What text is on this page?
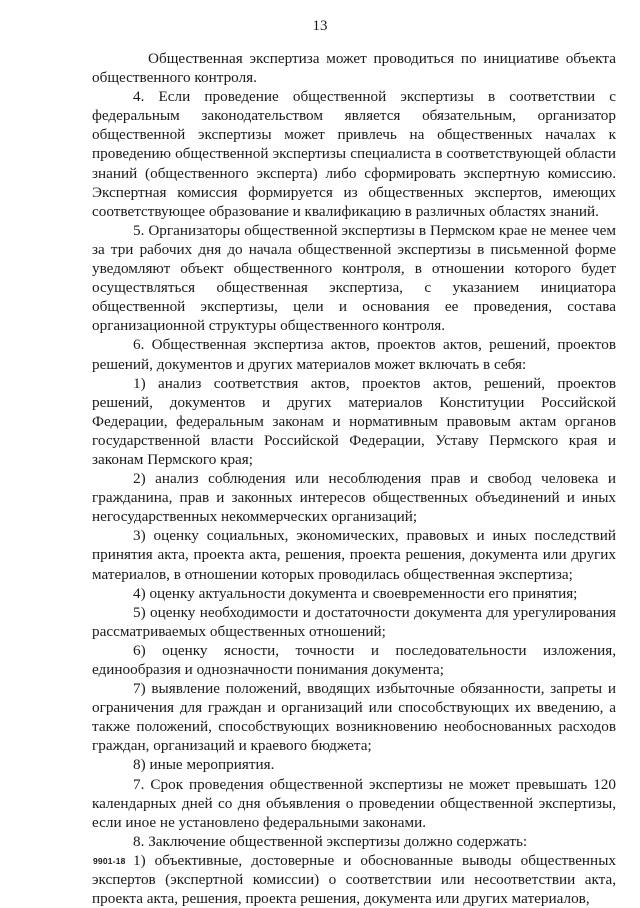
13

Общественная экспертиза может проводиться по инициативе объекта общественного контроля.

4. Если проведение общественной экспертизы в соответствии с федеральным законодательством является обязательным, организатор общественной экспертизы может привлечь на общественных началах к проведению общественной экспертизы специалиста в соответствующей области знаний (общественного эксперта) либо сформировать экспертную комиссию. Экспертная комиссия формируется из общественных экспертов, имеющих соответствующее образование и квалификацию в различных областях знаний.

5. Организаторы общественной экспертизы в Пермском крае не менее чем за три рабочих дня до начала общественной экспертизы в письменной форме уведомляют объект общественного контроля, в отношении которого будет осуществляться общественная экспертиза, с указанием инициатора общественной экспертизы, цели и основания ее проведения, состава организационной структуры общественного контроля.

6. Общественная экспертиза актов, проектов актов, решений, проектов решений, документов и других материалов может включать в себя:

1) анализ соответствия актов, проектов актов, решений, проектов решений, документов и других материалов Конституции Российской Федерации, федеральным законам и нормативным правовым актам органов государственной власти Российской Федерации, Уставу Пермского края и законам Пермского края;

2) анализ соблюдения или несоблюдения прав и свобод человека и гражданина, прав и законных интересов общественных объединений и иных негосударственных некоммерческих организаций;

3) оценку социальных, экономических, правовых и иных последствий принятия акта, проекта акта, решения, проекта решения, документа или других материалов, в отношении которых проводилась общественная экспертиза;

4) оценку актуальности документа и своевременности его принятия;

5) оценку необходимости и достаточности документа для урегулирования рассматриваемых общественных отношений;

6) оценку ясности, точности и последовательности изложения, единообразия и однозначности понимания документа;

7) выявление положений, вводящих избыточные обязанности, запреты и ограничения для граждан и организаций или способствующих их введению, а также положений, способствующих возникновению необоснованных расходов граждан, организаций и краевого бюджета;

8) иные мероприятия.

7. Срок проведения общественной экспертизы не может превышать 120 календарных дней со дня объявления о проведении общественной экспертизы, если иное не установлено федеральными законами.

8. Заключение общественной экспертизы должно содержать:

1) объективные, достоверные и обоснованные выводы общественных экспертов (экспертной комиссии) о соответствии или несоответствии акта, проекта акта, решения, проекта решения, документа или других материалов,

9901-18
